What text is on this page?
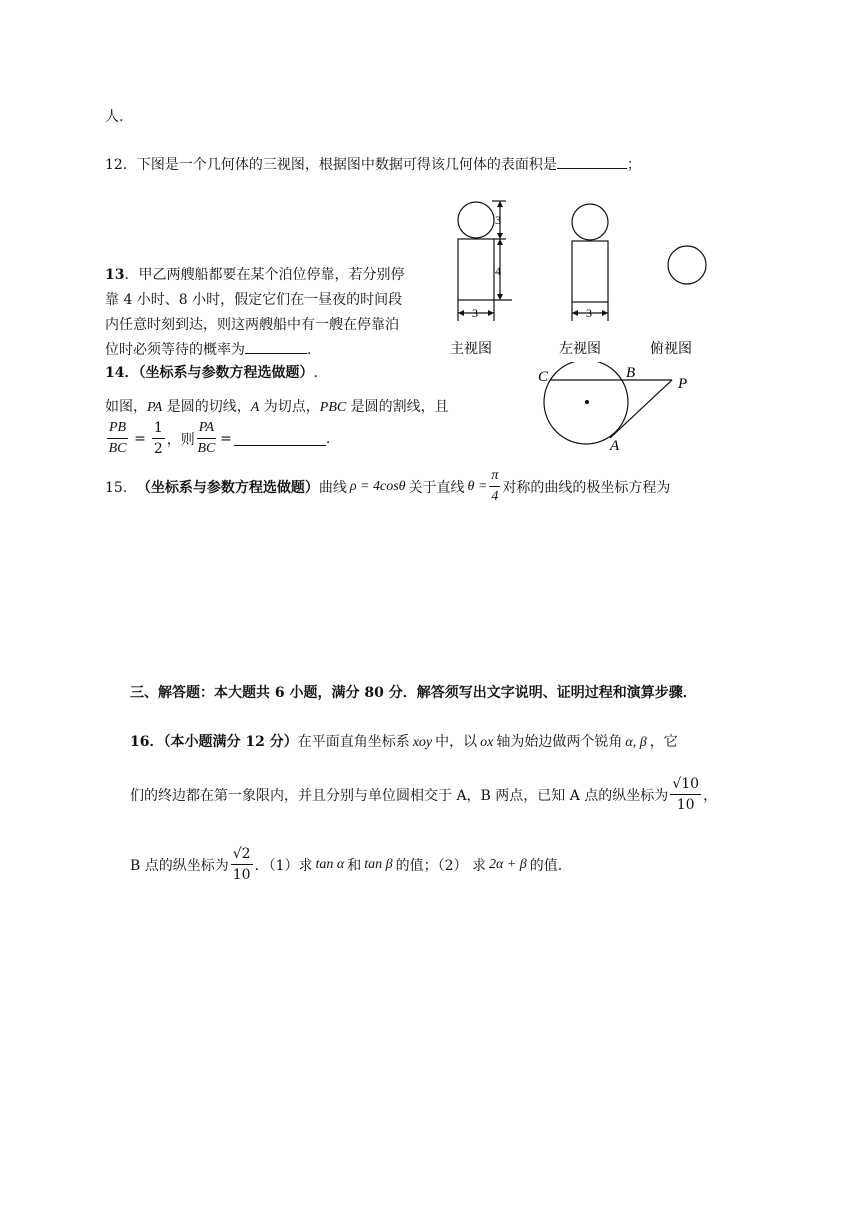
人.
12．下图是一个几何体的三视图，根据图中数据可得该几何体的表面积是	；
13．甲乙两艘船都要在某个泊位停靠，若分别停
靠 4 小时、8 小时，假定它们在一昼夜的时间段
内任意时刻到达，则这两艘船中有一艘在停靠泊
位时必须等待的概率为	.
3
4
3	3
主视图	左视图	俯视图
14．（坐标系与参数方程选做题）.
如图，PA 是圆的切线，A 为切点，PBC 是圆的割线，且
$\frac{PB}{BC} = \frac{1}{2}$ ，则 $\frac{PA}{BC}$ =	.
C	B
P
A
15． （坐标系与参数方程选做题） 曲线 ρ = 4cosθ 关于直线 $\theta = \frac{\pi}{4}$ 对称的曲线的极坐标方程为
三、解答题：本大题共 6 小题，满分 80 分．解答须写出文字说明、证明过程和演算步骤．
16．（本小题满分 12 分）在平面直角坐标系 xoy 中，以 ox 轴为始边做两个锐角 α, β ，它
们的终边都在第一象限内，并且分别与单位圆相交于 A，B 两点，已知 A 点的纵坐标为 $\frac{√10}{10}$ ，
B 点的纵坐标为 $\frac{√2}{10}$ ．（1）求 tan α 和 tan β 的值；（2） 求 2α + β 的值.
